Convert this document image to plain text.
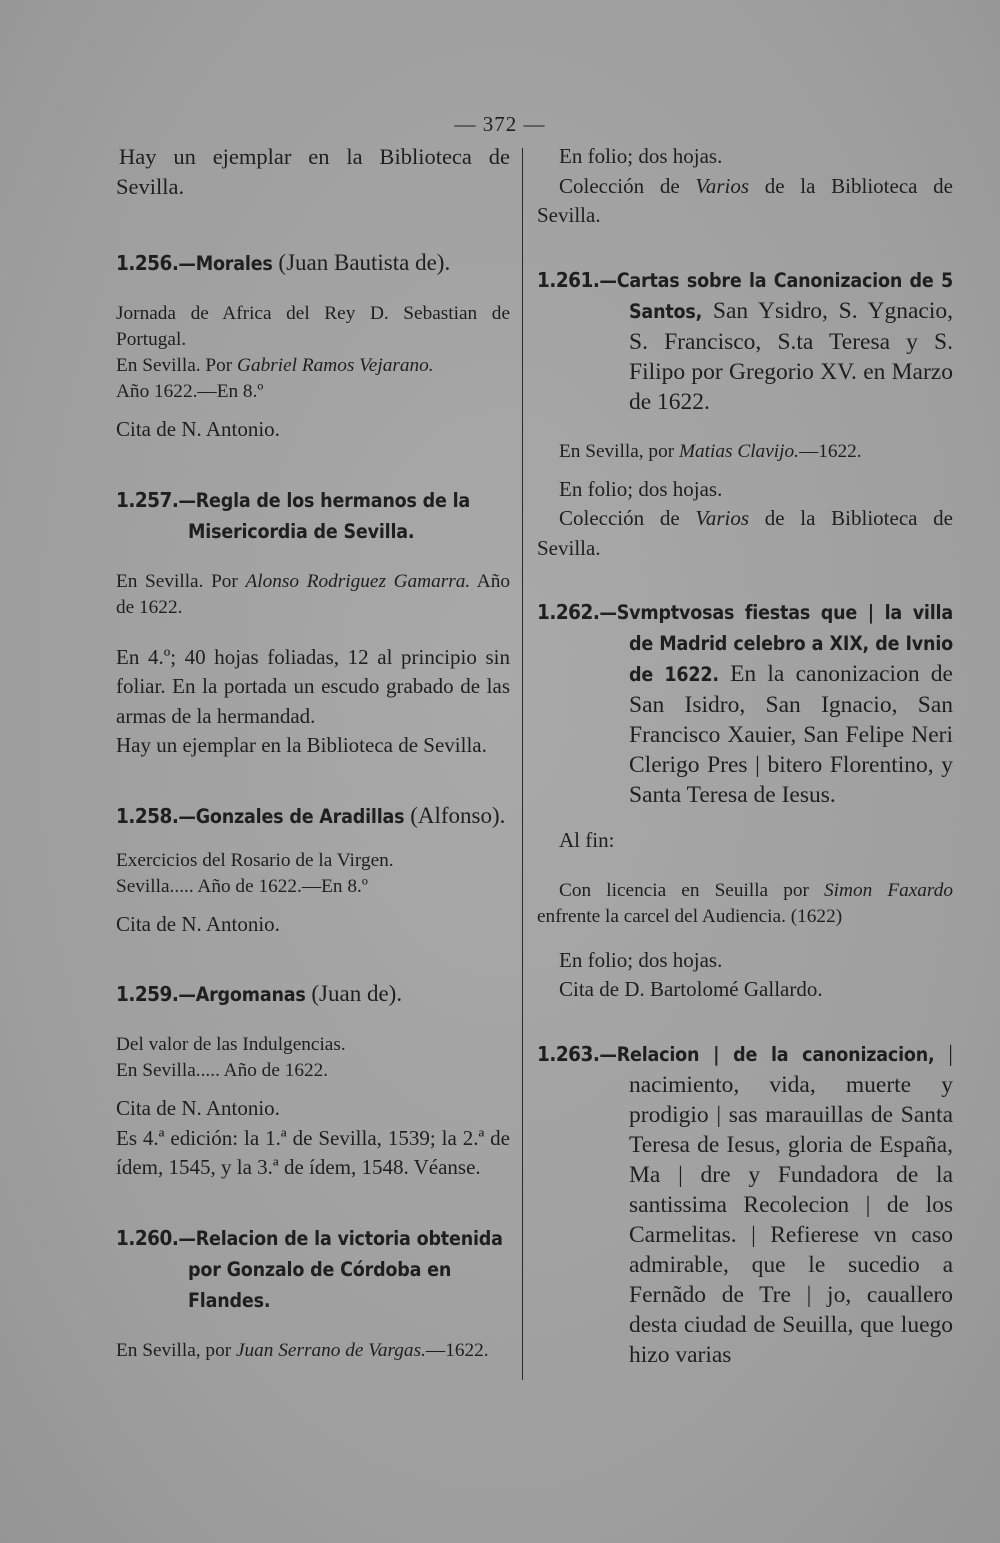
— 372 —

Hay un ejemplar en la Biblioteca de Sevilla.

1.256.—Morales (Juan Bautista de).

Jornada de Africa del Rey D. Sebastian de Portugal.

En Sevilla. Por Gabriel Ramos Vejarano.

Año 1622.—En 8.º

Cita de N. Antonio.

1.257.—Regla de los hermanos de la Misericordia de Sevilla.

En Sevilla. Por Alonso Rodriguez Gamarra. Año de 1622.

En 4.º; 40 hojas foliadas, 12 al principio sin foliar. En la portada un escudo grabado de las armas de la hermandad.

Hay un ejemplar en la Biblioteca de Sevilla.

1.258.—Gonzales de Aradillas (Alfonso).

Exercicios del Rosario de la Virgen.

Sevilla..... Año de 1622.—En 8.º

Cita de N. Antonio.

1.259.—Argomanas (Juan de).

Del valor de las Indulgencias.

En Sevilla..... Año de 1622.

Cita de N. Antonio.

Es 4.ª edición: la 1.ª de Sevilla, 1539; la 2.ª de ídem, 1545, y la 3.ª de ídem, 1548. Véanse.

1.260.—Relacion de la victoria obtenida por Gonzalo de Córdoba en Flandes.

En Sevilla, por Juan Serrano de Vargas.—1622.

En folio; dos hojas.

Colección de Varios de la Biblioteca de Sevilla.

1.261.—Cartas sobre la Canonizacion de 5 Santos, San Ysidro, S. Ygnacio, S. Francisco, S.ta Teresa y S. Filipo por Gregorio XV. en Marzo de 1622.

En Sevilla, por Matias Clavijo.—1622.

En folio; dos hojas.

Colección de Varios de la Biblioteca de Sevilla.

1.262.—Svmptvosas fiestas que | la villa de Madrid celebro a XIX, de Ivnio de 1622. En la canonizacion de San Isidro, San Ignacio, San Francisco Xauier, San Felipe Neri Clerigo Pres | bitero Florentino, y Santa Teresa de Iesus.

Al fin:

Con licencia en Seuilla por Simon Faxardo enfrente la carcel del Audiencia. (1622)

En folio; dos hojas.

Cita de D. Bartolomé Gallardo.

1.263.—Relacion | de la canonizacion, | nacimiento, vida, muerte y prodigio | sas marauillas de Santa Teresa de Iesus, gloria de España, Ma | dre y Fundadora de la santissima Recolecion | de los Carmelitas. | Refierese vn caso admirable, que le sucedio a Fernãdo de Tre | jo, cauallero desta ciudad de Seuilla, que luego hizo varias
